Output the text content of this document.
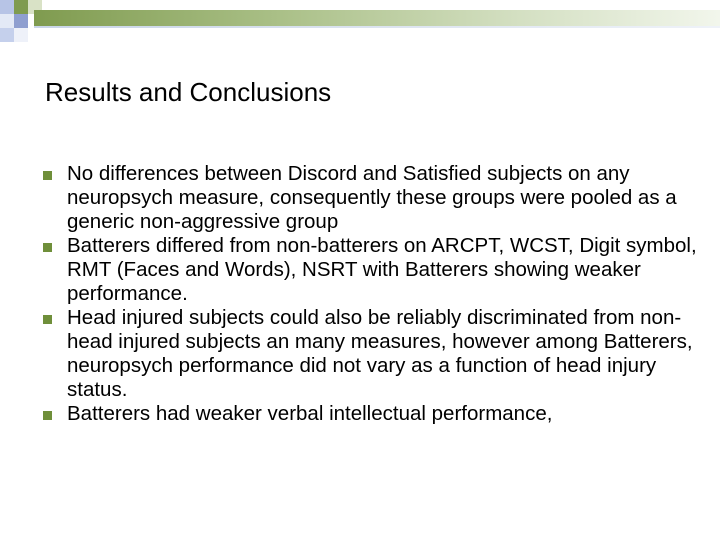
Results and Conclusions
No differences between Discord and Satisfied subjects on any neuropsych measure, consequently these groups were pooled as a generic non-aggressive group
Batterers differed from non-batterers on ARCPT, WCST, Digit symbol, RMT (Faces and Words), NSRT with Batterers showing weaker performance.
Head injured subjects could also be reliably discriminated from non-head injured subjects an many measures, however among Batterers, neuropsych performance did not vary as a function of head injury status.
Batterers had weaker verbal intellectual performance,
